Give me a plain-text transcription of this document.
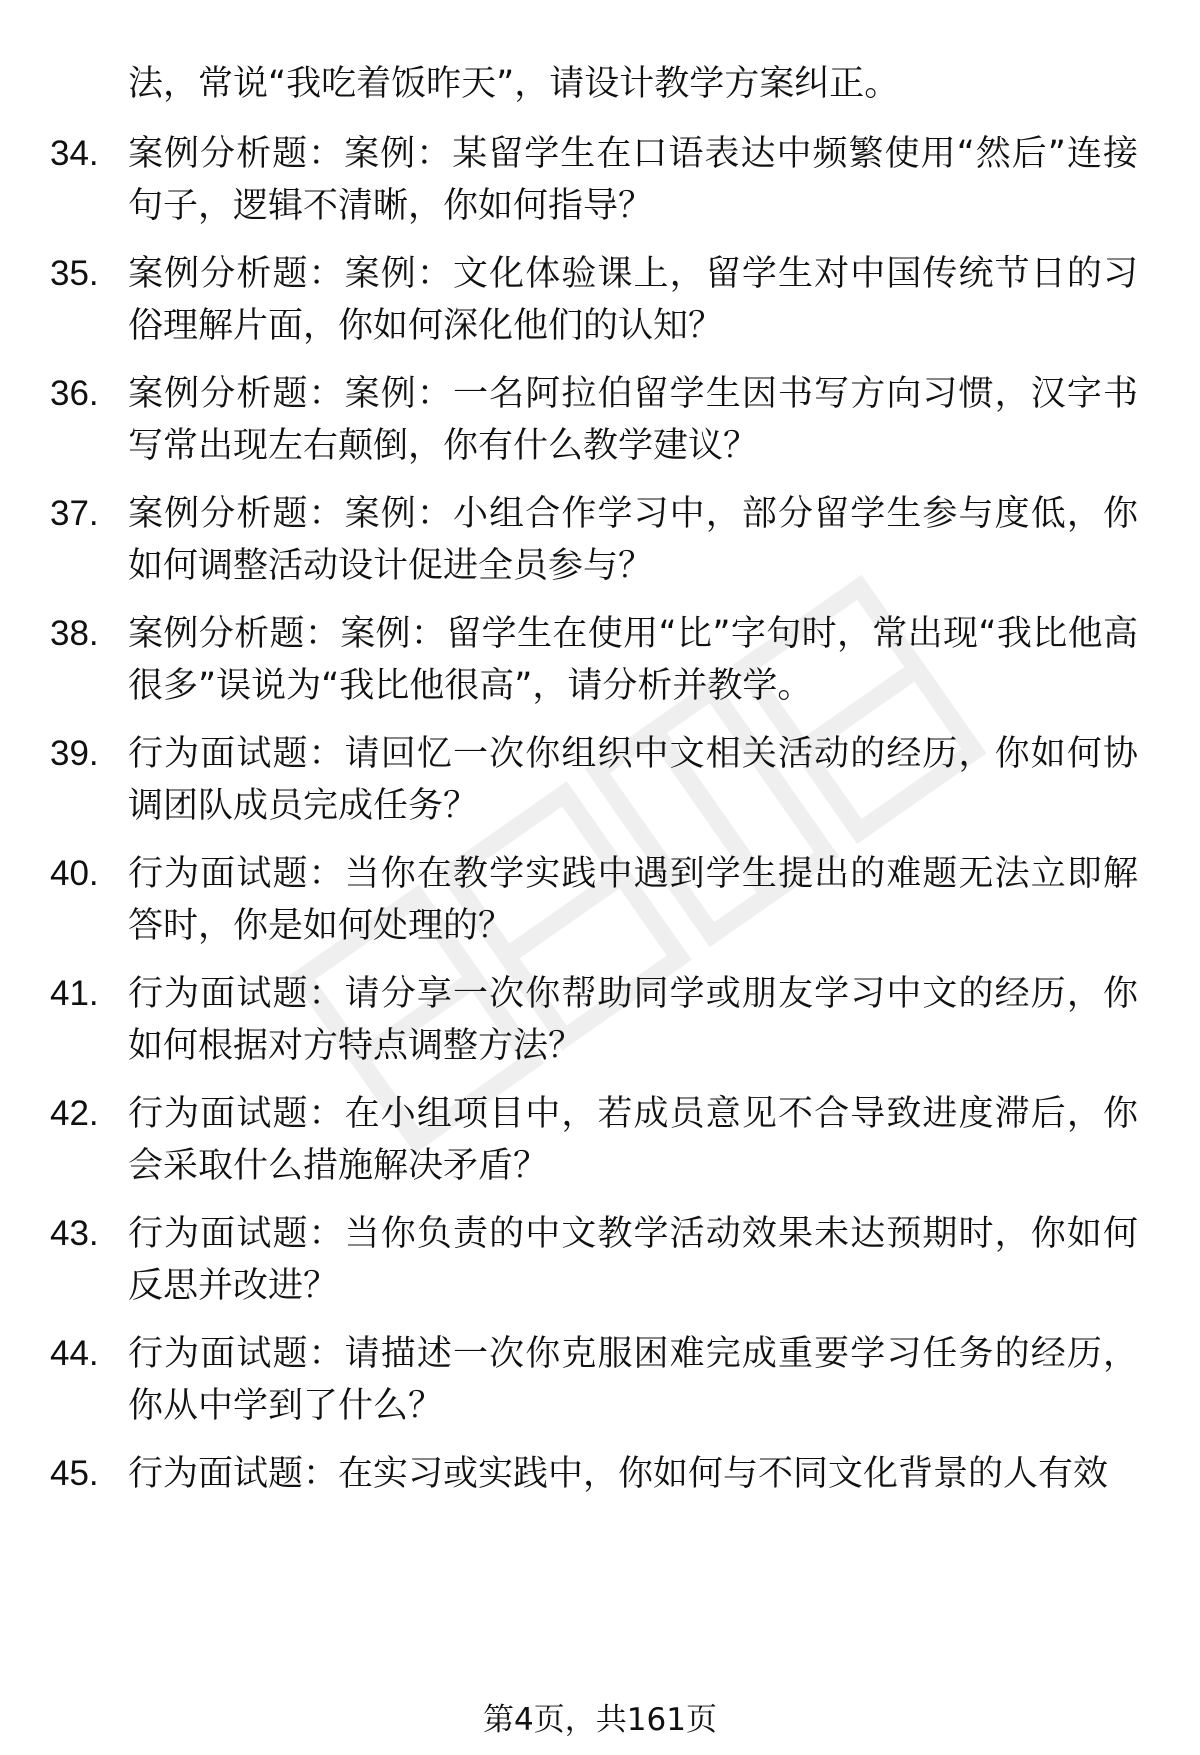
法，常说“我吃着饭昨天”，请设计教学方案纠正。

34. 案例分析题：案例：某留学生在口语表达中频繁使用“然后”连接句子，逻辑不清晰，你如何指导？
35. 案例分析题：案例：文化体验课上，留学生对中国传统节日的习俗理解片面，你如何深化他们的认知？
36. 案例分析题：案例：一名阿拉伯留学生因书写方向习惯，汉字书写常出现左右颠倒，你有什么教学建议？
37. 案例分析题：案例：小组合作学习中，部分留学生参与度低，你如何调整活动设计促进全员参与？
38. 案例分析题：案例：留学生在使用“比”字句时，常出现“我比他高很多”误说为“我比他很高”，请分析并教学。
39. 行为面试题：请回忆一次你组织中文相关活动的经历，你如何协调团队成员完成任务？
40. 行为面试题：当你在教学实践中遇到学生提出的难题无法立即解答时，你是如何处理的？
41. 行为面试题：请分享一次你帮助同学或朋友学习中文的经历，你如何根据对方特点调整方法？
42. 行为面试题：在小组项目中，若成员意见不合导致进度滞后，你会采取什么措施解决矛盾？
43. 行为面试题：当你负责的中文教学活动效果未达预期时，你如何反思并改进？
44. 行为面试题：请描述一次你克服困难完成重要学习任务的经历，你从中学到了什么？
45. 行为面试题：在实习或实践中，你如何与不同文化背景的人有效
第4页，共161页
